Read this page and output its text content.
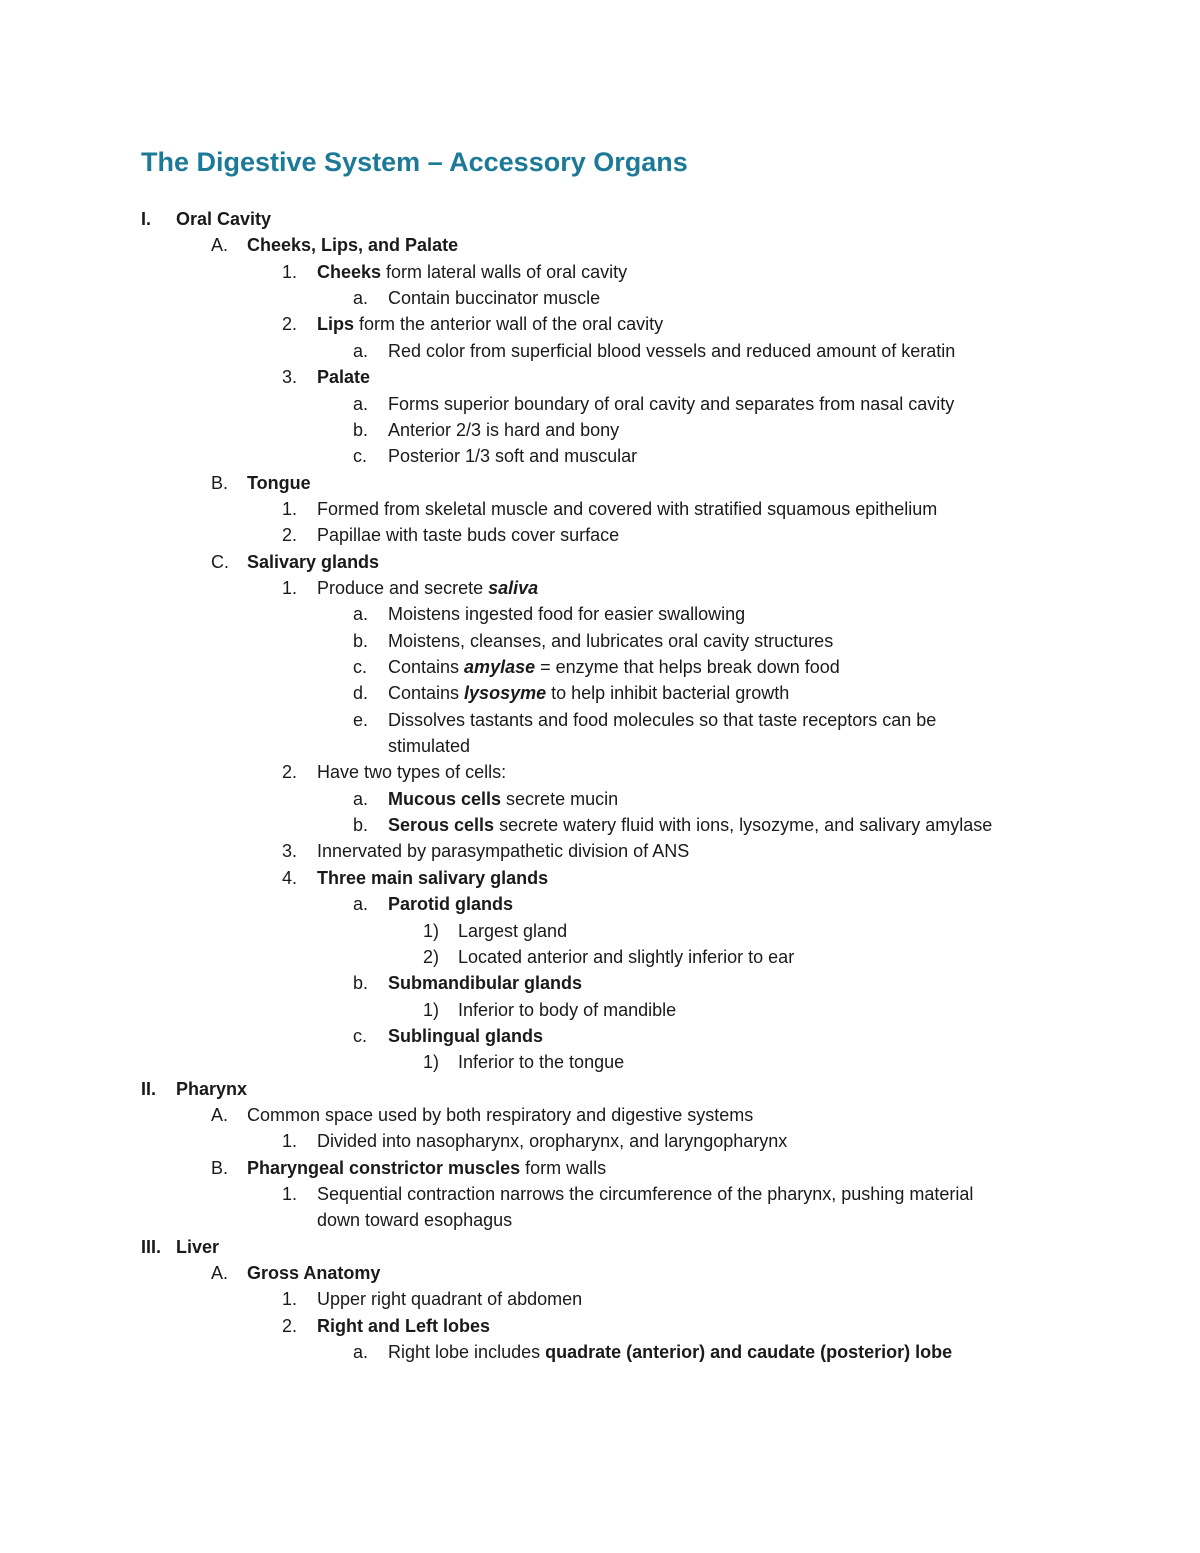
The Digestive System – Accessory Organs
I. Oral Cavity
A. Cheeks, Lips, and Palate
1. Cheeks form lateral walls of oral cavity
a. Contain buccinator muscle
2. Lips form the anterior wall of the oral cavity
a. Red color from superficial blood vessels and reduced amount of keratin
3. Palate
a. Forms superior boundary of oral cavity and separates from nasal cavity
b. Anterior 2/3 is hard and bony
c. Posterior 1/3 soft and muscular
B. Tongue
1. Formed from skeletal muscle and covered with stratified squamous epithelium
2. Papillae with taste buds cover surface
C. Salivary glands
1. Produce and secrete saliva
a. Moistens ingested food for easier swallowing
b. Moistens, cleanses, and lubricates oral cavity structures
c. Contains amylase = enzyme that helps break down food
d. Contains lysosyme to help inhibit bacterial growth
e. Dissolves tastants and food molecules so that taste receptors can be
stimulated
2. Have two types of cells:
a. Mucous cells secrete mucin
b. Serous cells secrete watery fluid with ions, lysozyme, and salivary amylase
3. Innervated by parasympathetic division of ANS
4. Three main salivary glands
a. Parotid glands
1) Largest gland
2) Located anterior and slightly inferior to ear
b. Submandibular glands
1) Inferior to body of mandible
c. Sublingual glands
1) Inferior to the tongue
II. Pharynx
A. Common space used by both respiratory and digestive systems
1. Divided into nasopharynx, oropharynx, and laryngopharynx
B. Pharyngeal constrictor muscles form walls
1. Sequential contraction narrows the circumference of the pharynx, pushing material
down toward esophagus
III. Liver
A. Gross Anatomy
1. Upper right quadrant of abdomen
2. Right and Left lobes
a. Right lobe includes quadrate (anterior) and caudate (posterior) lobe
